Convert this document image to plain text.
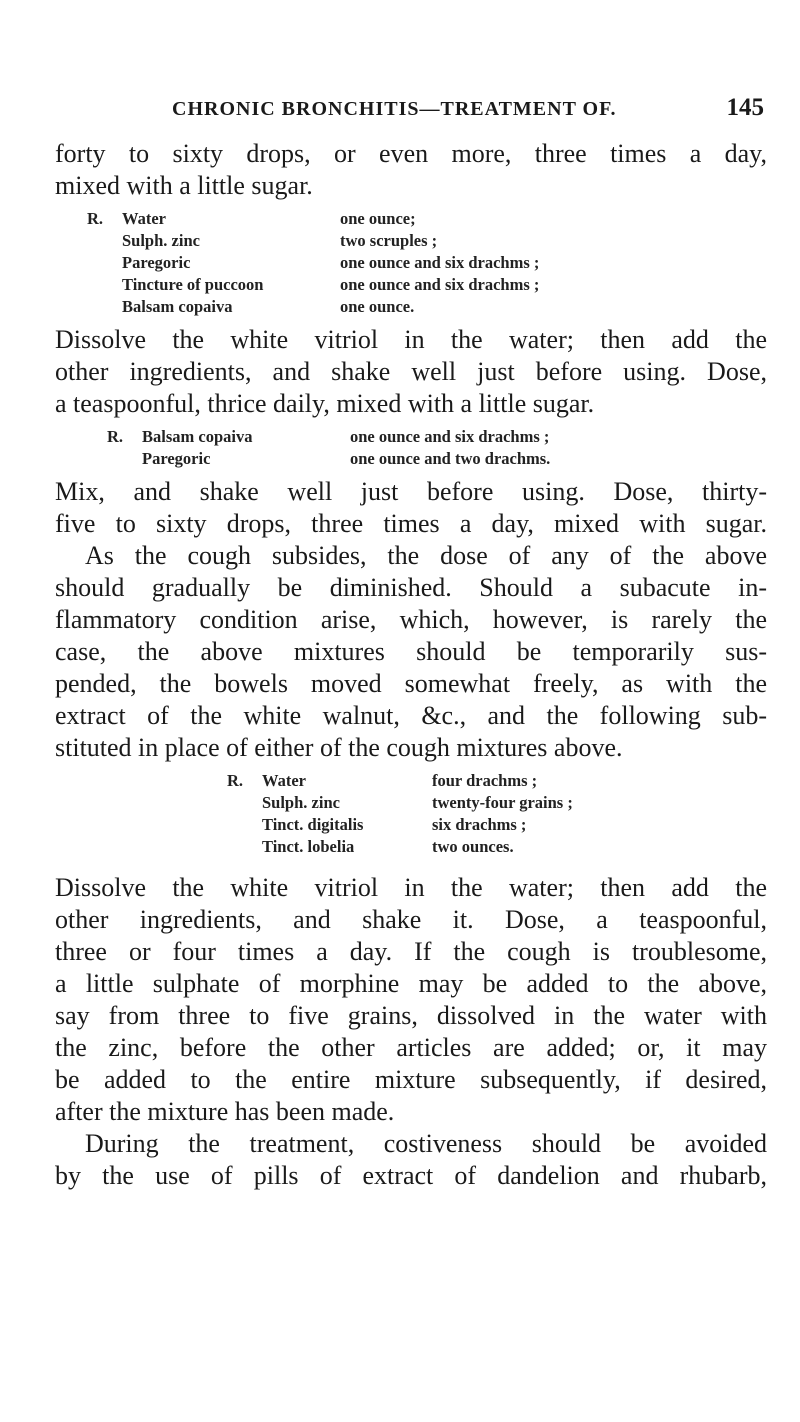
CHRONIC BRONCHITIS—TREATMENT OF.	145

forty to sixty drops, or even more, three times a day,

mixed with a little sugar.

R.	Water	one ounce;
	Sulph. zinc	two scruples ;
	Paregoric	one ounce and six drachms ;
	Tincture of puccoon	one ounce and six drachms ;
	Balsam copaiva	one ounce.

Dissolve the white vitriol in the water; then add the

other ingredients, and shake well just before using. Dose,

a teaspoonful, thrice daily, mixed with a little sugar.

R.	Balsam copaiva	one ounce and six drachms ;
	Paregoric	one ounce and two drachms.

Mix, and shake well just before using. Dose, thirty-

five to sixty drops, three times a day, mixed with sugar.

As the cough subsides, the dose of any of the above

should gradually be diminished. Should a subacute in-

flammatory condition arise, which, however, is rarely the

case, the above mixtures should be temporarily sus-

pended, the bowels moved somewhat freely, as with the

extract of the white walnut, &c., and the following sub-

stituted in place of either of the cough mixtures above.

R.	Water	four drachms ;
	Sulph. zinc	twenty-four grains ;
	Tinct. digitalis	six drachms ;
	Tinct. lobelia	two ounces.

Dissolve the white vitriol in the water; then add the

other ingredients, and shake it. Dose, a teaspoonful,

three or four times a day. If the cough is troublesome,

a little sulphate of morphine may be added to the above,

say from three to five grains, dissolved in the water with

the zinc, before the other articles are added; or, it may

be added to the entire mixture subsequently, if desired,

after the mixture has been made.

During the treatment, costiveness should be avoided

by the use of pills of extract of dandelion and rhubarb,
